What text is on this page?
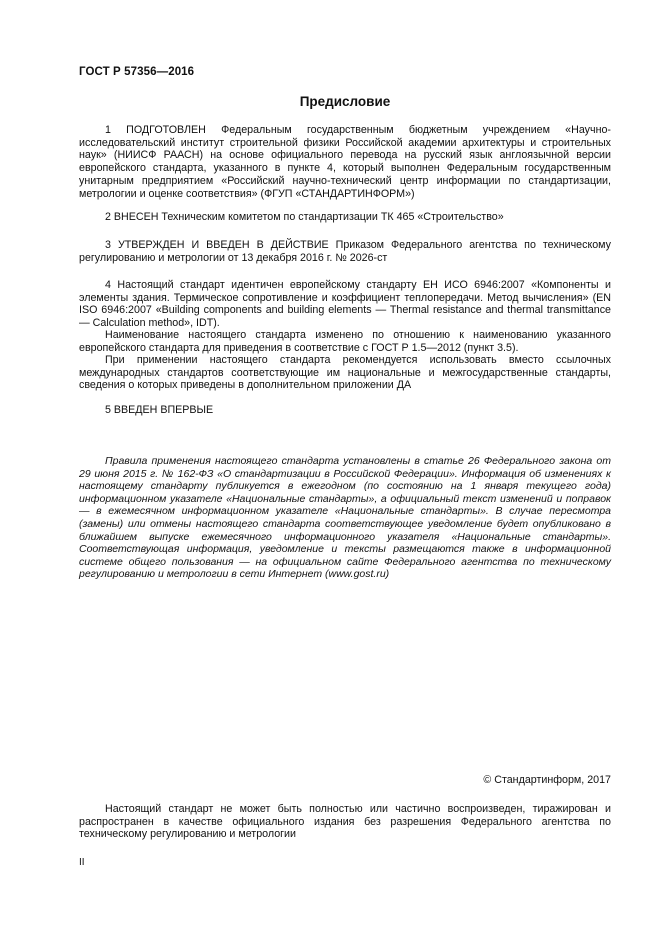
ГОСТ Р 57356—2016
Предисловие

1 ПОДГОТОВЛЕН Федеральным государственным бюджетным учреждением «Научно-исследовательский институт строительной физики Российской академии архитектуры и строительных наук» (НИИСФ РААСН) на основе официального перевода на русский язык англоязычной версии европейского стандарта, указанного в пункте 4, который выполнен Федеральным государственным унитарным предприятием «Российский научно-технический центр информации по стандартизации, метрологии и оценке соответствия» (ФГУП «СТАНДАРТИНФОРМ»)

2 ВНЕСЕН Техническим комитетом по стандартизации ТК 465 «Строительство»

3 УТВЕРЖДЕН И ВВЕДЕН В ДЕЙСТВИЕ Приказом Федерального агентства по техническому регулированию и метрологии от 13 декабря 2016 г. № 2026-ст

4 Настоящий стандарт идентичен европейскому стандарту ЕН ИСО 6946:2007 «Компоненты и элементы здания. Термическое сопротивление и коэффициент теплопередачи. Метод вычисления» (EN ISO 6946:2007 «Building components and building elements — Thermal resistance and thermal transmittance — Calculation method», IDT).

Наименование настоящего стандарта изменено по отношению к наименованию указанного европейского стандарта для приведения в соответствие с ГОСТ Р 1.5—2012 (пункт 3.5).

При применении настоящего стандарта рекомендуется использовать вместо ссылочных международных стандартов соответствующие им национальные и межгосударственные стандарты, сведения о которых приведены в дополнительном приложении ДА

5 ВВЕДЕН ВПЕРВЫЕ

Правила применения настоящего стандарта установлены в статье 26 Федерального закона от 29 июня 2015 г. № 162-ФЗ «О стандартизации в Российской Федерации». Информация об изменениях к настоящему стандарту публикуется в ежегодном (по состоянию на 1 января текущего года) информационном указателе «Национальные стандарты», а официальный текст изменений и поправок — в ежемесячном информационном указателе «Национальные стандарты». В случае пересмотра (замены) или отмены настоящего стандарта соответствующее уведомление будет опубликовано в ближайшем выпуске ежемесячного информационного указателя «Национальные стандарты». Соответствующая информация, уведомление и тексты размещаются также в информационной системе общего пользования — на официальном сайте Федерального агентства по техническому регулированию и метрологии в сети Интернет (www.gost.ru)

© Стандартинформ, 2017

Настоящий стандарт не может быть полностью или частично воспроизведен, тиражирован и распространен в качестве официального издания без разрешения Федерального агентства по техническому регулированию и метрологии

II
